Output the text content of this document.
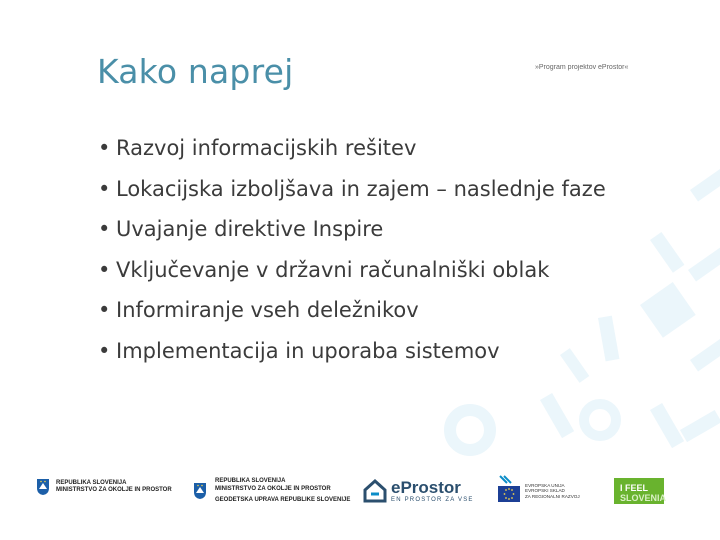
Kako naprej	»Program projektov eProstor«
• Razvoj informacijskih rešitev
• Lokacijska izboljšava in zajem – naslednje faze
• Uvajanje direktive Inspire
• Vključevanje v državni računalniški oblak
• Informiranje vseh deležnikov
• Implementacija in uporaba sistemov
REPUBLIKA SLOVENIJA
MINISTRSTVO ZA OKOLJE IN PROSTOR
REPUBLIKA SLOVENIJA
MINISTRSTVO ZA OKOLJE IN PROSTOR
GEODETSKA UPRAVA REPUBLIKE SLOVENIJE
eProstor
EN PROSTOR ZA VSE
EVROPSKA UNIJA
EVROPSKI SKLAD
ZA REGIONALNI RAZVOJ
I FEEL
SLOVENIA
